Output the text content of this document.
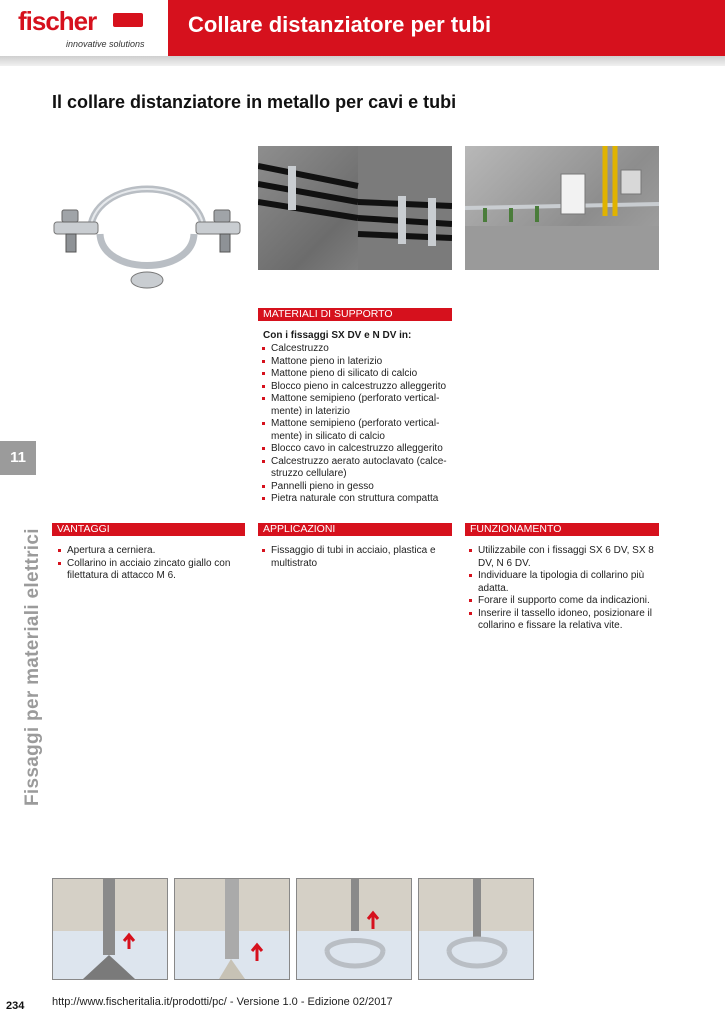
fischer
innovative solutions
Collare distanziatore per tubi
Il collare distanziatore in metallo per cavi e tubi
MATERIALI DI SUPPORTO
Con i fissaggi SX DV e N DV in:
Calcestruzzo
Mattone pieno in laterizio
Mattone pieno di silicato di calcio
Blocco pieno in calcestruzzo alleggerito
Mattone semipieno (perforato vertical-mente) in laterizio
Mattone semipieno (perforato vertical-mente) in silicato di calcio
Blocco cavo in calcestruzzo alleggerito
Calcestruzzo aerato autoclavato (calce-struzzo cellulare)
Pannelli pieno in gesso
Pietra naturale con struttura compatta
VANTAGGI	APPLICAZIONI	FUNZIONAMENTO
Apertura a cerniera.
Collarino in acciaio zincato giallo con filettatura di attacco M 6.
Fissaggio di tubi in acciaio, plastica e multistrato
Utilizzabile con i fissaggi SX 6 DV, SX 8 DV, N 6 DV.
Individuare la tipologia di collarino più adatta.
Forare il supporto come da indicazioni.
Inserire il tassello idoneo, posizionare il collarino e fissare la relativa vite.
11
Fissaggi per materiali elettrici
234	http://www.fischeritalia.it/prodotti/pc/ - Versione 1.0 - Edizione 02/2017
